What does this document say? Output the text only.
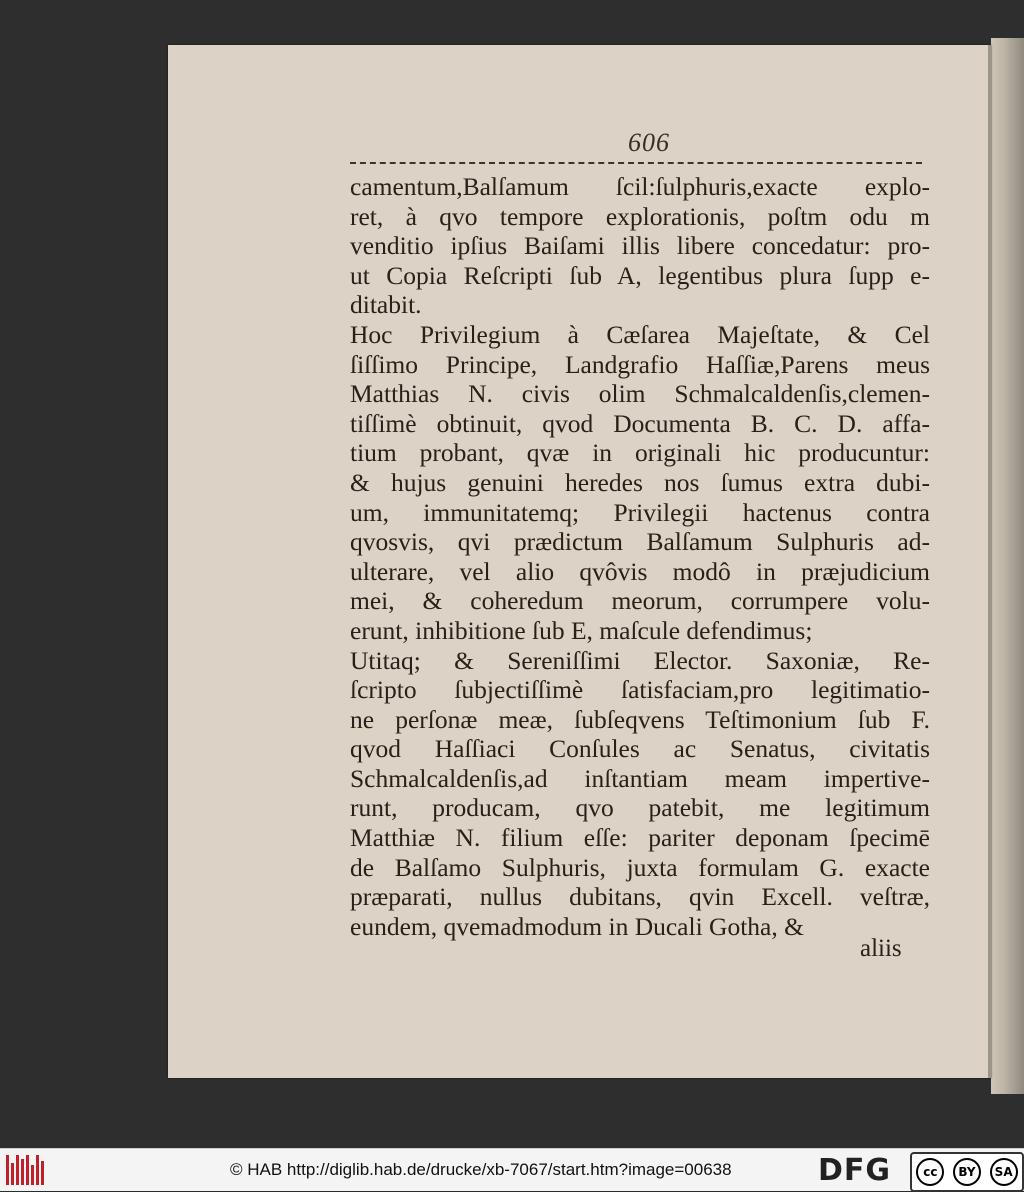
606
camentum,Balſamum ſcil:ſulphuris,exacte explo-
ret, à qvo tempore explorationis, poſtm odu m
venditio ipſius Baiſami illis libere concedatur: pro-
ut Copia Reſcripti ſub A, legentibus plura ſupp e-
ditabit.
Hoc Privilegium à Cæſarea Majeſtate, & Cel
ſiſſimo Principe, Landgrafio Haſſiæ,Parens meus
Matthias N. civis olim Schmalcaldenſis,clemen-
tiſſimè obtinuit, qvod Documenta B. C. D. affa-
tium probant, qvæ in originali hic producuntur:
& hujus genuini heredes nos ſumus extra dubi-
um, immunitatemq; Privilegii hactenus contra
qvosvis, qvi prædictum Balſamum Sulphuris ad-
ulterare, vel alio qvôvis modô in præjudicium
mei, & coheredum meorum, corrumpere volu-
erunt, inhibitione ſub E, maſcule defendimus;
Utitaq; & Sereniſſimi Elector. Saxoniæ, Re-
ſcripto ſubjectiſſimè ſatisfaciam,pro legitimatio-
ne perſonæ meæ, ſubſeqvens Teſtimonium ſub F.
qvod Haſſiaci Conſules ac Senatus, civitatis
Schmalcaldenſis,ad inſtantiam meam impertive-
runt, producam, qvo patebit, me legitimum
Matthiæ N. filium eſſe: pariter deponam ſpecimē
de Balſamo Sulphuris, juxta formulam G. exacte
præparati, nullus dubitans, qvin Excell. veſtræ,
eundem, qvemadmodum in Ducali Gotha, &
aliis
© HAB http://diglib.hab.de/drucke/xb-7067/start.htm?image=00638	DFG	cc	BY	SA
